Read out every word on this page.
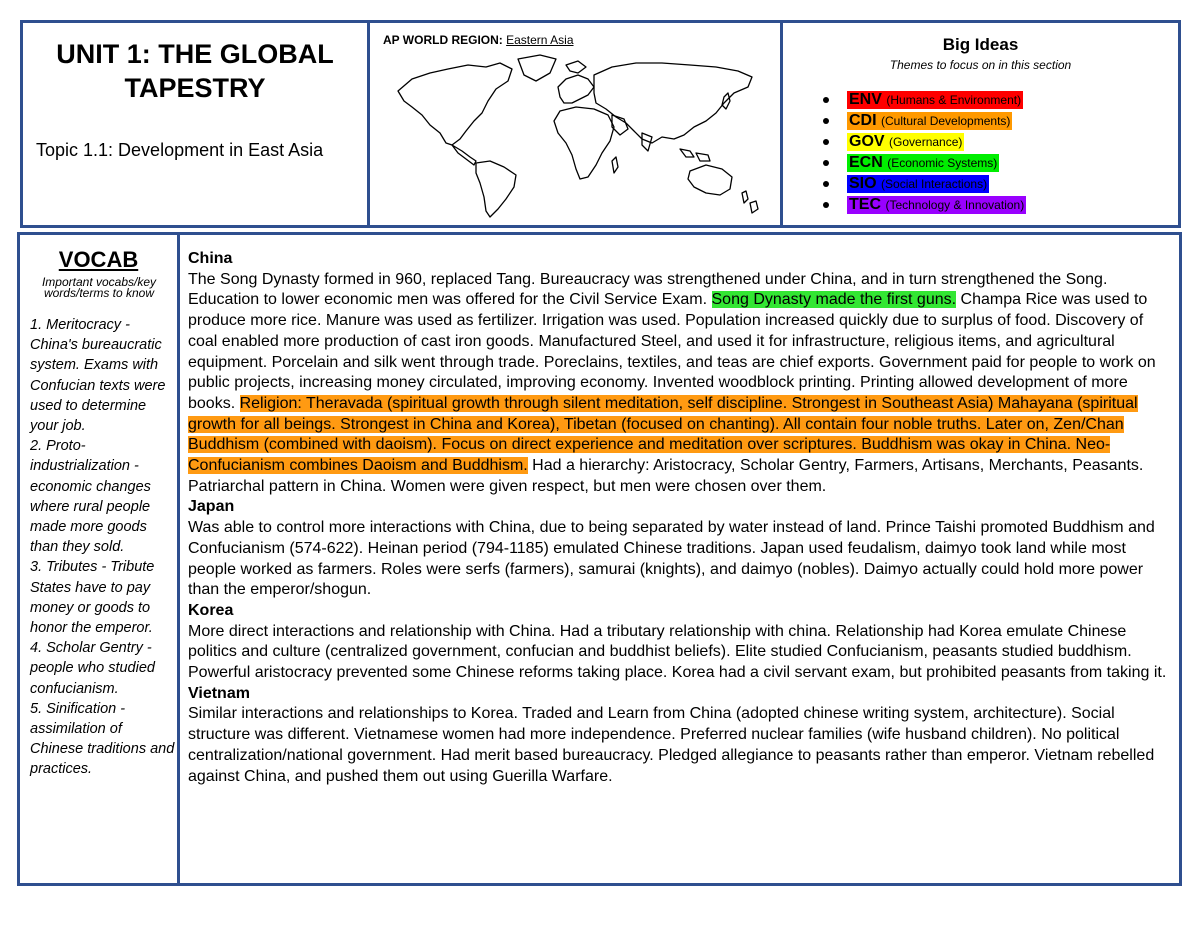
UNIT 1: THE GLOBAL TAPESTRY
Topic 1.1: Development in East Asia
AP WORLD REGION: Eastern Asia	Big Ideas
Themes to focus on in this section
ENV (Humans & Environment)
CDI (Cultural Developments)
GOV (Governance)
ECN (Economic Systems)
SIO (Social Interactions)
TEC (Technology & Innovation)
VOCAB
Important vocabs/key words/terms to know
1. Meritocracy - China's bureaucratic system. Exams with Confucian texts were used to determine your job.
2. Proto-industrialization - economic changes where rural people made more goods than they sold.
3. Tributes - Tribute States have to pay money or goods to honor the emperor.
4. Scholar Gentry - people who studied confucianism.
5. Sinification - assimilation of Chinese traditions and practices.
China
The Song Dynasty formed in 960, replaced Tang. Bureaucracy was strengthened under China, and in turn strengthened the Song. Education to lower economic men was offered for the Civil Service Exam. Song Dynasty made the first guns. Champa Rice was used to produce more rice. Manure was used as fertilizer. Irrigation was used. Population increased quickly due to surplus of food. Discovery of coal enabled more production of cast iron goods. Manufactured Steel, and used it for infrastructure, religious items, and agricultural equipment. Porcelain and silk went through trade. Poreclains, textiles, and teas are chief exports. Government paid for people to work on public projects, increasing money circulated, improving economy. Invented woodblock printing. Printing allowed development of more books. Religion: Theravada (spiritual growth through silent meditation, self discipline. Strongest in Southeast Asia) Mahayana (spiritual growth for all beings. Strongest in China and Korea), Tibetan (focused on chanting). All contain four noble truths. Later on, Zen/Chan Buddhism (combined with daoism). Focus on direct experience and meditation over scriptures. Buddhism was okay in China. Neo-Confucianism combines Daoism and Buddhism. Had a hierarchy: Aristocracy, Scholar Gentry, Farmers, Artisans, Merchants, Peasants. Patriarchal pattern in China. Women were given respect, but men were chosen over them.
Japan
Was able to control more interactions with China, due to being separated by water instead of land. Prince Taishi promoted Buddhism and Confucianism (574-622). Heinan period (794-1185) emulated Chinese traditions. Japan used feudalism, daimyo took land while most people worked as farmers. Roles were serfs (farmers), samurai (knights), and daimyo (nobles). Daimyo actually could hold more power than the emperor/shogun.
Korea
More direct interactions and relationship with China. Had a tributary relationship with china. Relationship had Korea emulate Chinese politics and culture (centralized government, confucian and buddhist beliefs). Elite studied Confucianism, peasants studied buddhism. Powerful aristocracy prevented some Chinese reforms taking place. Korea had a civil servant exam, but prohibited peasants from taking it.
Vietnam
Similar interactions and relationships to Korea. Traded and Learn from China (adopted chinese writing system, architecture). Social structure was different. Vietnamese women had more independence. Preferred nuclear families (wife husband children). No political centralization/national government. Had merit based bureaucracy. Pledged allegiance to peasants rather than emperor. Vietnam rebelled against China, and pushed them out using Guerilla Warfare.
